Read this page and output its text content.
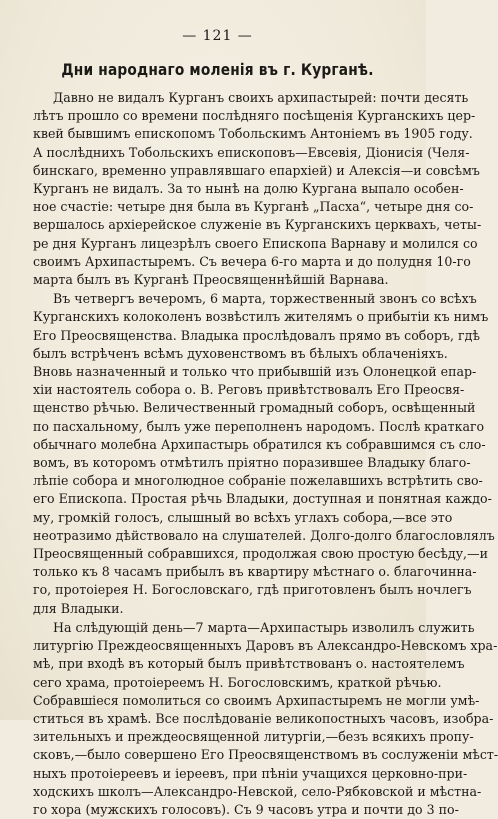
— 121 —
Дни народнаго моленія въ г. Курганѣ.
Давно не видалъ Курганъ своихъ архипастырей: почти десять
лѣтъ прошло со времени послѣдняго посѣщенія Курганскихъ цер-
квей бывшимъ епископомъ Тобольскимъ Антоніемъ въ 1905 году.
А послѣднихъ Тобольскихъ епископовъ—Евсевія, Діонисія (Челя-
бинскаго, временно управлявшаго епархіей) и Алексія—и совсѣмъ
Курганъ не видалъ. За то нынѣ на долю Кургана выпало особен-
ное счастіе: четыре дня была въ Курганѣ „Пасха“, четыре дня со-
вершалось архіерейское служеніе въ Курганскихъ церквахъ, четы-
ре дня Курганъ лицезрѣлъ своего Епископа Варнаву и молился со
своимъ Архипастыремъ. Съ вечера 6-го марта и до полудня 10-го
марта былъ въ Курганѣ Преосвященнѣйшій Варнава.
Въ четвергъ вечеромъ, 6 марта, торжественный звонъ со всѣхъ
Курганскихъ колоколенъ возвѣстилъ жителямъ о прибытіи къ нимъ
Его Преосвященства. Владыка прослѣдовалъ прямо въ соборъ, гдѣ
былъ встрѣченъ всѣмъ духовенствомъ въ бѣлыхъ облаченіяхъ.
Вновь назначенный и только что прибывшій изъ Олонецкой епар-
хіи настоятель собора о. В. Реговъ привѣтствовалъ Его Преосвя-
щенство рѣчью. Величественный громадный соборъ, освѣщенный
по пасхальному, былъ уже переполненъ народомъ. Послѣ краткаго
обычнаго молебна Архипастырь обратился къ собравшимся съ сло-
вомъ, въ которомъ отмѣтилъ пріятно поразившее Владыку благо-
лѣпіе собора и многолюдное собраніе пожелавшихъ встрѣтить сво-
его Епископа. Простая рѣчь Владыки, доступная и понятная каждо-
му, громкій голосъ, слышный во всѣхъ углахъ собора,—все это
неотразимо дѣйствовало на слушателей. Долго-долго благословлялъ
Преосвященный собравшихся, продолжая свою простую бесѣду,—и
только къ 8 часамъ прибылъ въ квартиру мѣстнаго о. благочинна-
го, протоіерея Н. Богословскаго, гдѣ приготовленъ былъ ночлегъ
для Владыки.
На слѣдующій день—7 марта—Архипастырь изволилъ служить
литургію Преждеосвященныхъ Даровъ въ Александро-Невскомъ хра-
мѣ, при входѣ въ который былъ привѣтствованъ о. настоятелемъ
сего храма, протоіереемъ Н. Богословскимъ, краткой рѣчью.
Собравшіеся помолиться со своимъ Архипастыремъ не могли умѣ-
ститься въ храмѣ. Все послѣдованіе великопостныхъ часовъ, изобра-
зительныхъ и преждеосвященной литургіи,—безъ всякихъ пропу-
сковъ,—было совершено Его Преосвященствомъ въ сослуженіи мѣст-
ныхъ протоіереевъ и іереевъ, при пѣніи учащихся церковно-при-
ходскихъ школъ—Александро-Невской, село-Рябковской и мѣстна-
го хора (мужскихъ голосовъ). Съ 9 часовъ утра и почти до 3 по-
